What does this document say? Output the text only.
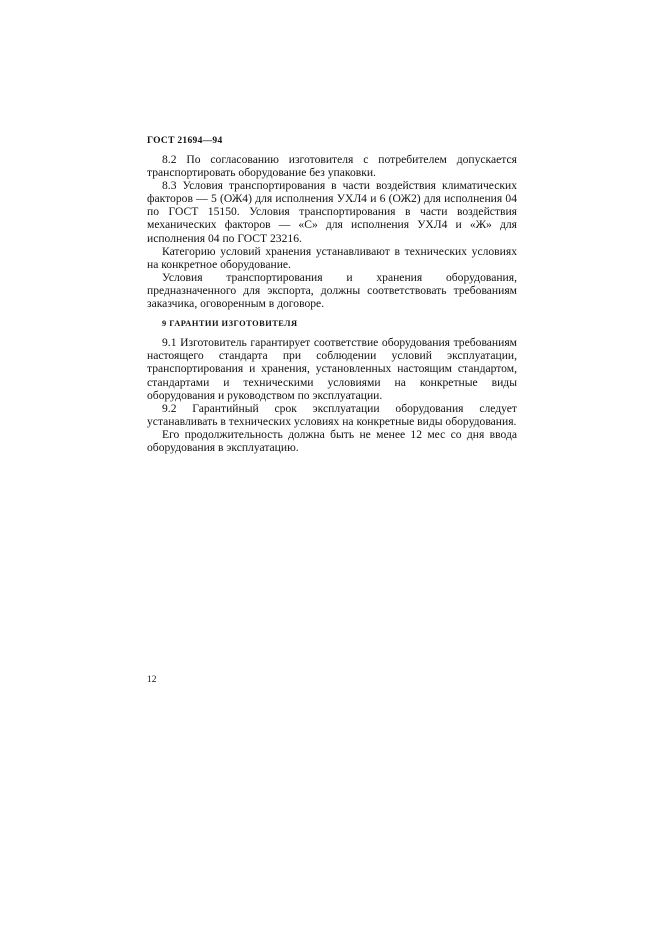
ГОСТ 21694—94

8.2 По согласованию изготовителя с потребителем допускается транспортировать оборудование без упаковки.

8.3 Условия транспортирования в части воздействия климатических факторов — 5 (ОЖ4) для исполнения УХЛ4 и 6 (ОЖ2) для исполнения 04 по ГОСТ 15150. Условия транспортирования в части воздействия механических факторов — «С» для исполнения УХЛ4 и «Ж» для исполнения 04 по ГОСТ 23216.

Категорию условий хранения устанавливают в технических условиях на конкретное оборудование.

Условия транспортирования и хранения оборудования, предназначенного для экспорта, должны соответствовать требованиям заказчика, оговоренным в договоре.

9 ГАРАНТИИ ИЗГОТОВИТЕЛЯ

9.1 Изготовитель гарантирует соответствие оборудования требованиям настоящего стандарта при соблюдении условий эксплуатации, транспортирования и хранения, установленных настоящим стандартом, стандартами и техническими условиями на конкретные виды оборудования и руководством по эксплуатации.

9.2 Гарантийный срок эксплуатации оборудования следует устанавливать в технических условиях на конкретные виды оборудования.

Его продолжительность должна быть не менее 12 мес со дня ввода оборудования в эксплуатацию.

12
